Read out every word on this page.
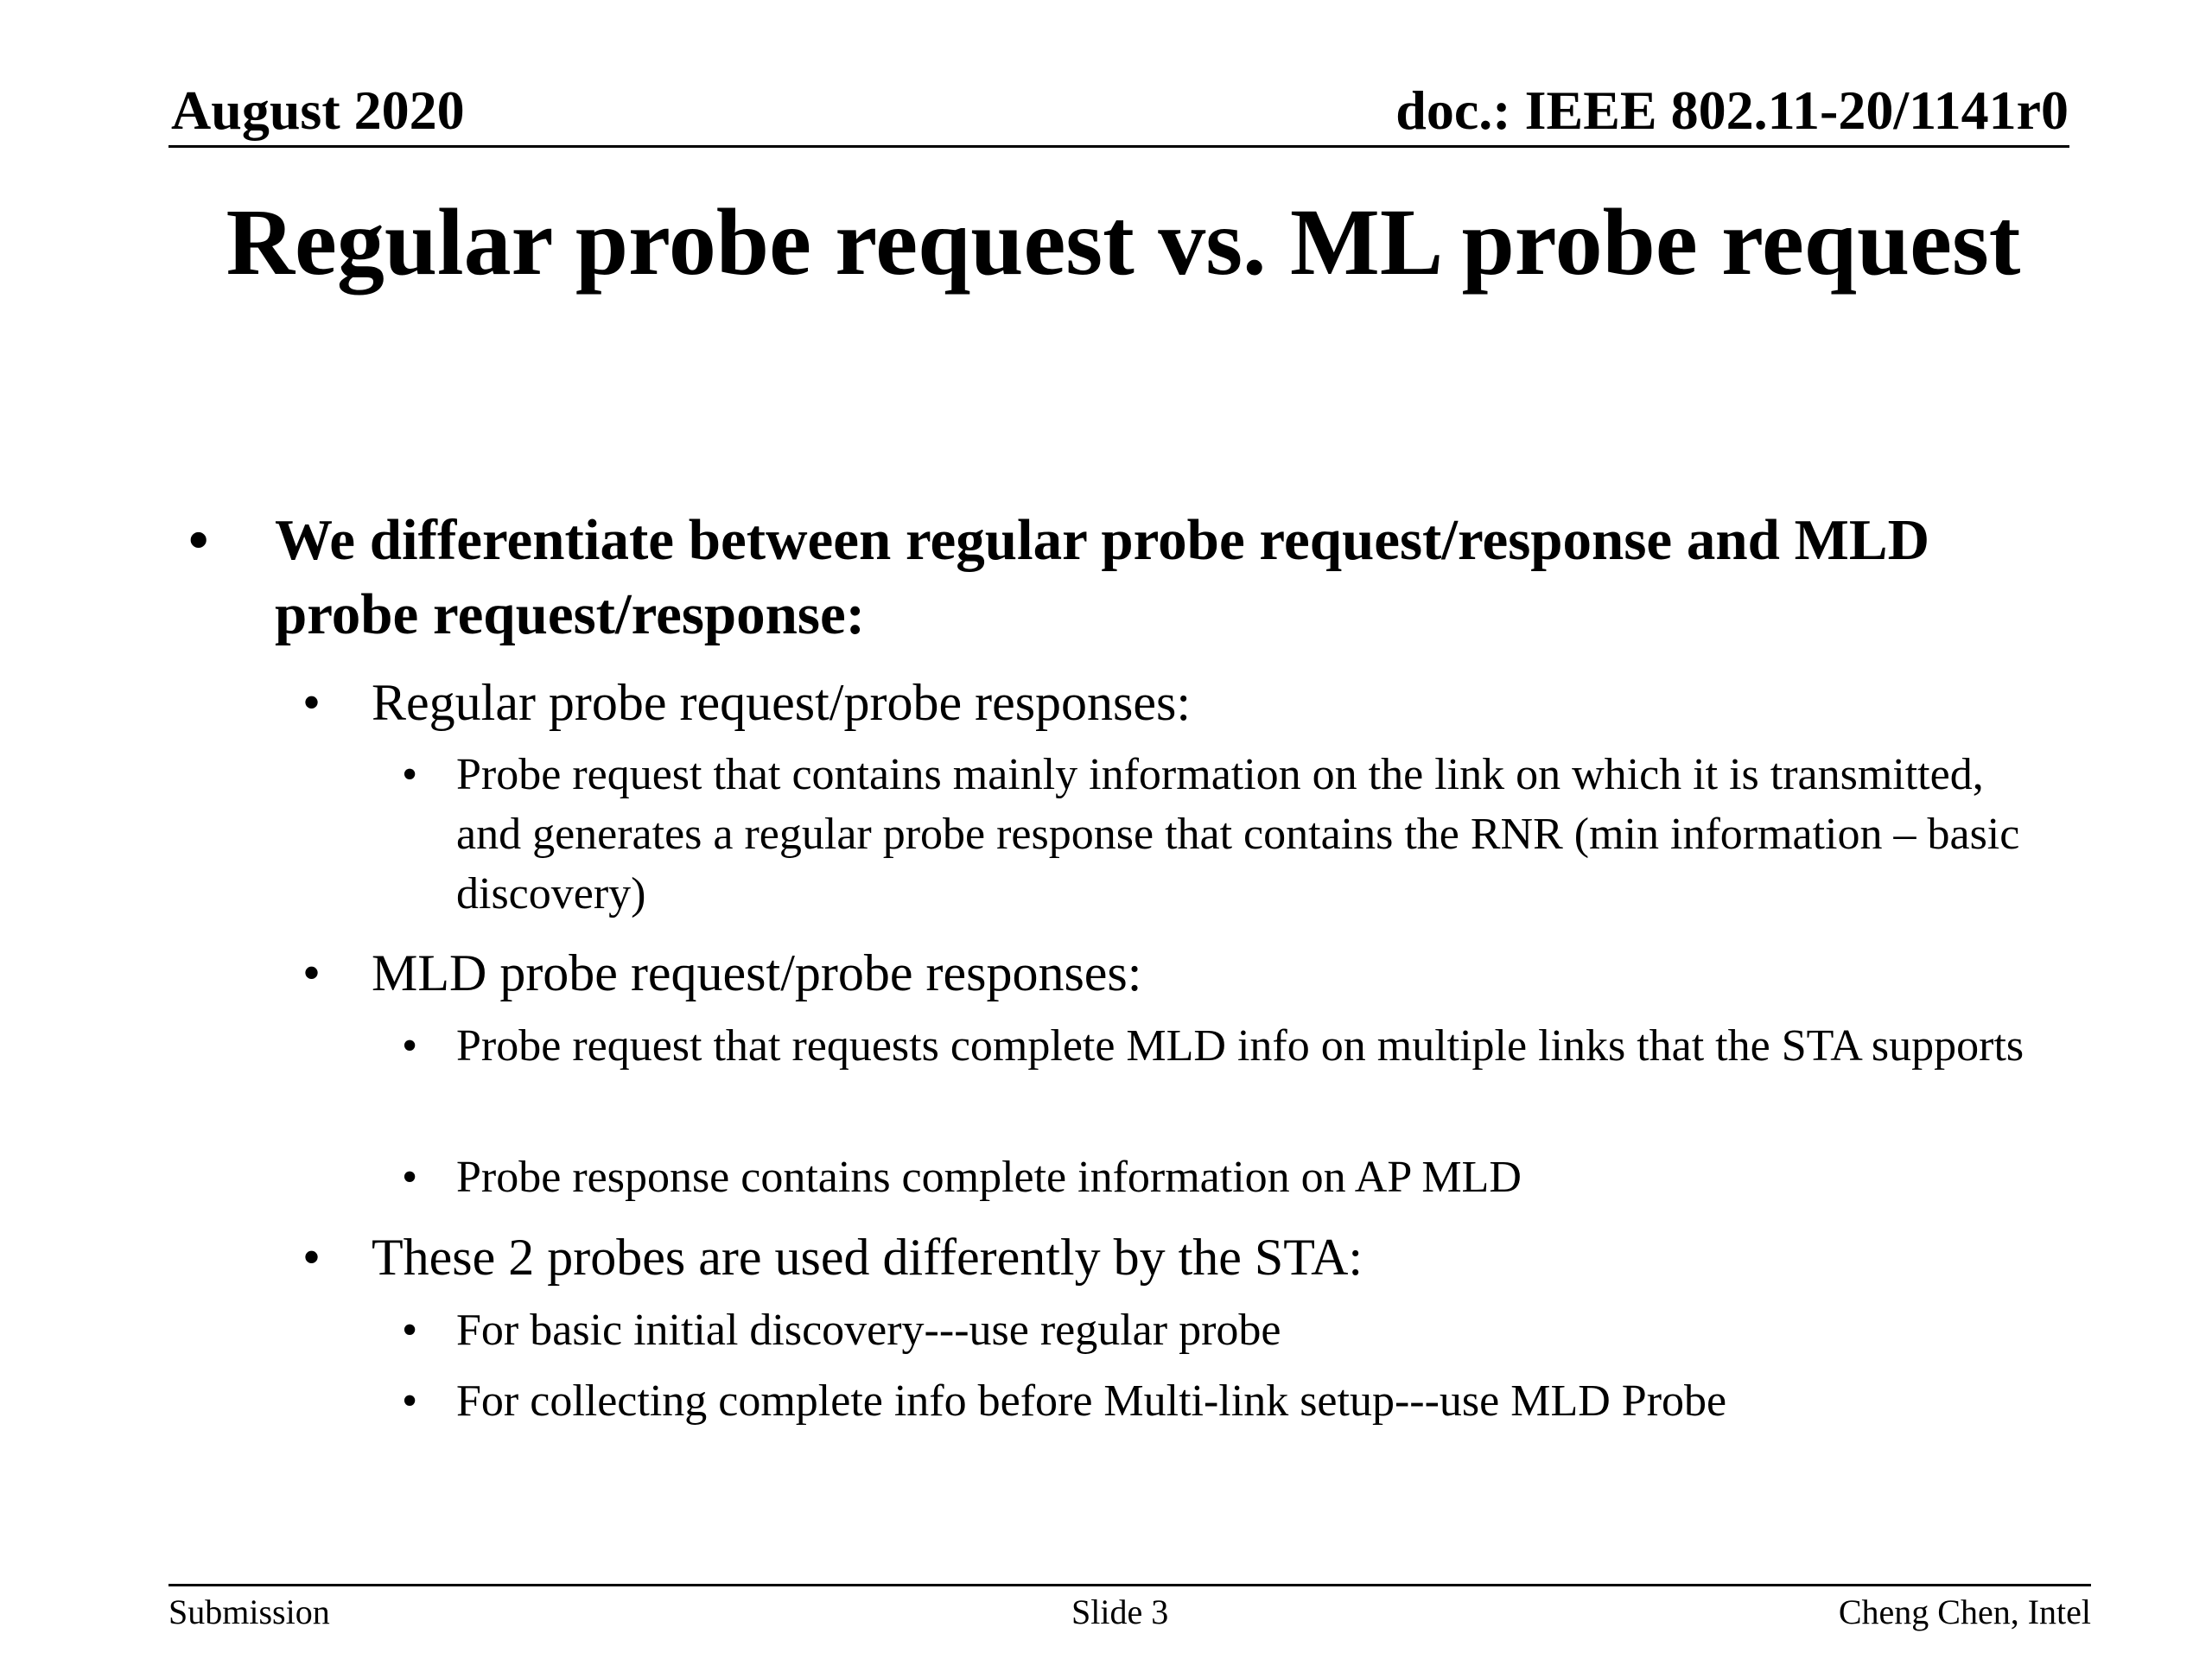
August 2020	doc.: IEEE 802.11-20/1141r0
Regular probe request vs. ML probe request
• We differentiate between regular probe request/response and MLD probe request/response:
• Regular probe request/probe responses:
• Probe request that contains mainly information on the link on which it is transmitted, and generates a regular probe response that contains the RNR (min information – basic discovery)
• MLD probe request/probe responses:
• Probe request that requests complete MLD info on multiple links that the STA supports
• Probe response contains complete information on AP MLD
• These 2 probes are used differently by the STA:
• For basic initial discovery---use regular probe
• For collecting complete info before Multi-link setup---use MLD Probe
Submission	Slide 3	Cheng Chen, Intel
